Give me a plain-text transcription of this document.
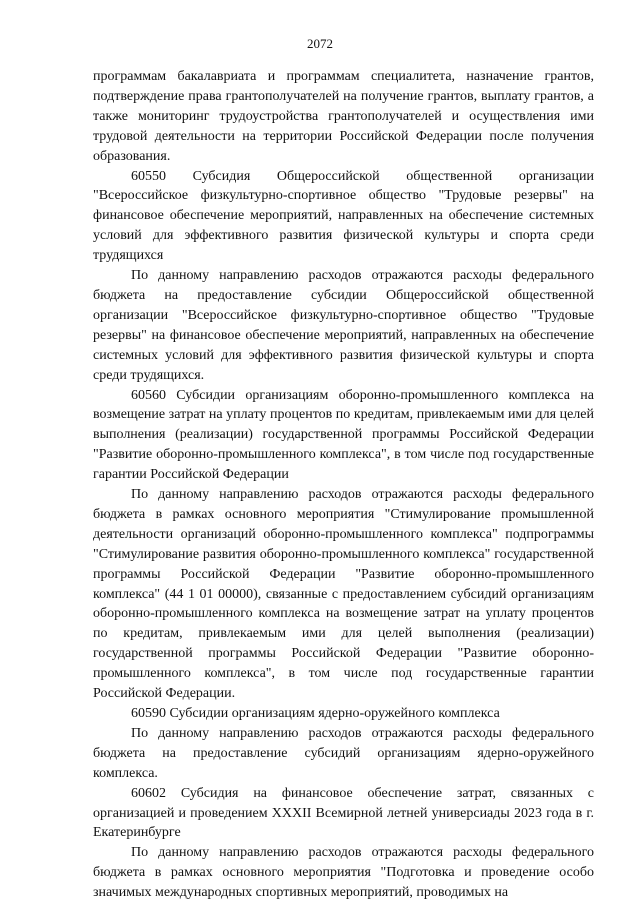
2072

программам бакалавриата и программам специалитета, назначение грантов, подтверждение права грантополучателей на получение грантов, выплату грантов, а также мониторинг трудоустройства грантополучателей и осуществления ими трудовой деятельности на территории Российской Федерации после получения образования.

60550 Субсидия Общероссийской общественной организации "Всероссийское физкультурно-спортивное общество "Трудовые резервы" на финансовое обеспечение мероприятий, направленных на обеспечение системных условий для эффективного развития физической культуры и спорта среди трудящихся

По данному направлению расходов отражаются расходы федерального бюджета на предоставление субсидии Общероссийской общественной организации "Всероссийское физкультурно-спортивное общество "Трудовые резервы" на финансовое обеспечение мероприятий, направленных на обеспечение системных условий для эффективного развития физической культуры и спорта среди трудящихся.

60560 Субсидии организациям оборонно-промышленного комплекса на возмещение затрат на уплату процентов по кредитам, привлекаемым ими для целей выполнения (реализации) государственной программы Российской Федерации "Развитие оборонно-промышленного комплекса", в том числе под государственные гарантии Российской Федерации

По данному направлению расходов отражаются расходы федерального бюджета в рамках основного мероприятия "Стимулирование промышленной деятельности организаций оборонно-промышленного комплекса" подпрограммы "Стимулирование развития оборонно-промышленного комплекса" государственной программы Российской Федерации "Развитие оборонно-промышленного комплекса" (44 1 01 00000), связанные с предоставлением субсидий организациям оборонно-промышленного комплекса на возмещение затрат на уплату процентов по кредитам, привлекаемым ими для целей выполнения (реализации) государственной программы Российской Федерации "Развитие оборонно-промышленного комплекса", в том числе под государственные гарантии Российской Федерации.

60590 Субсидии организациям ядерно-оружейного комплекса

По данному направлению расходов отражаются расходы федерального бюджета на предоставление субсидий организациям ядерно-оружейного комплекса.

60602 Субсидия на финансовое обеспечение затрат, связанных с организацией и проведением XXXII Всемирной летней универсиады 2023 года в г. Екатеринбурге

По данному направлению расходов отражаются расходы федерального бюджета в рамках основного мероприятия "Подготовка и проведение особо значимых международных спортивных мероприятий, проводимых на
